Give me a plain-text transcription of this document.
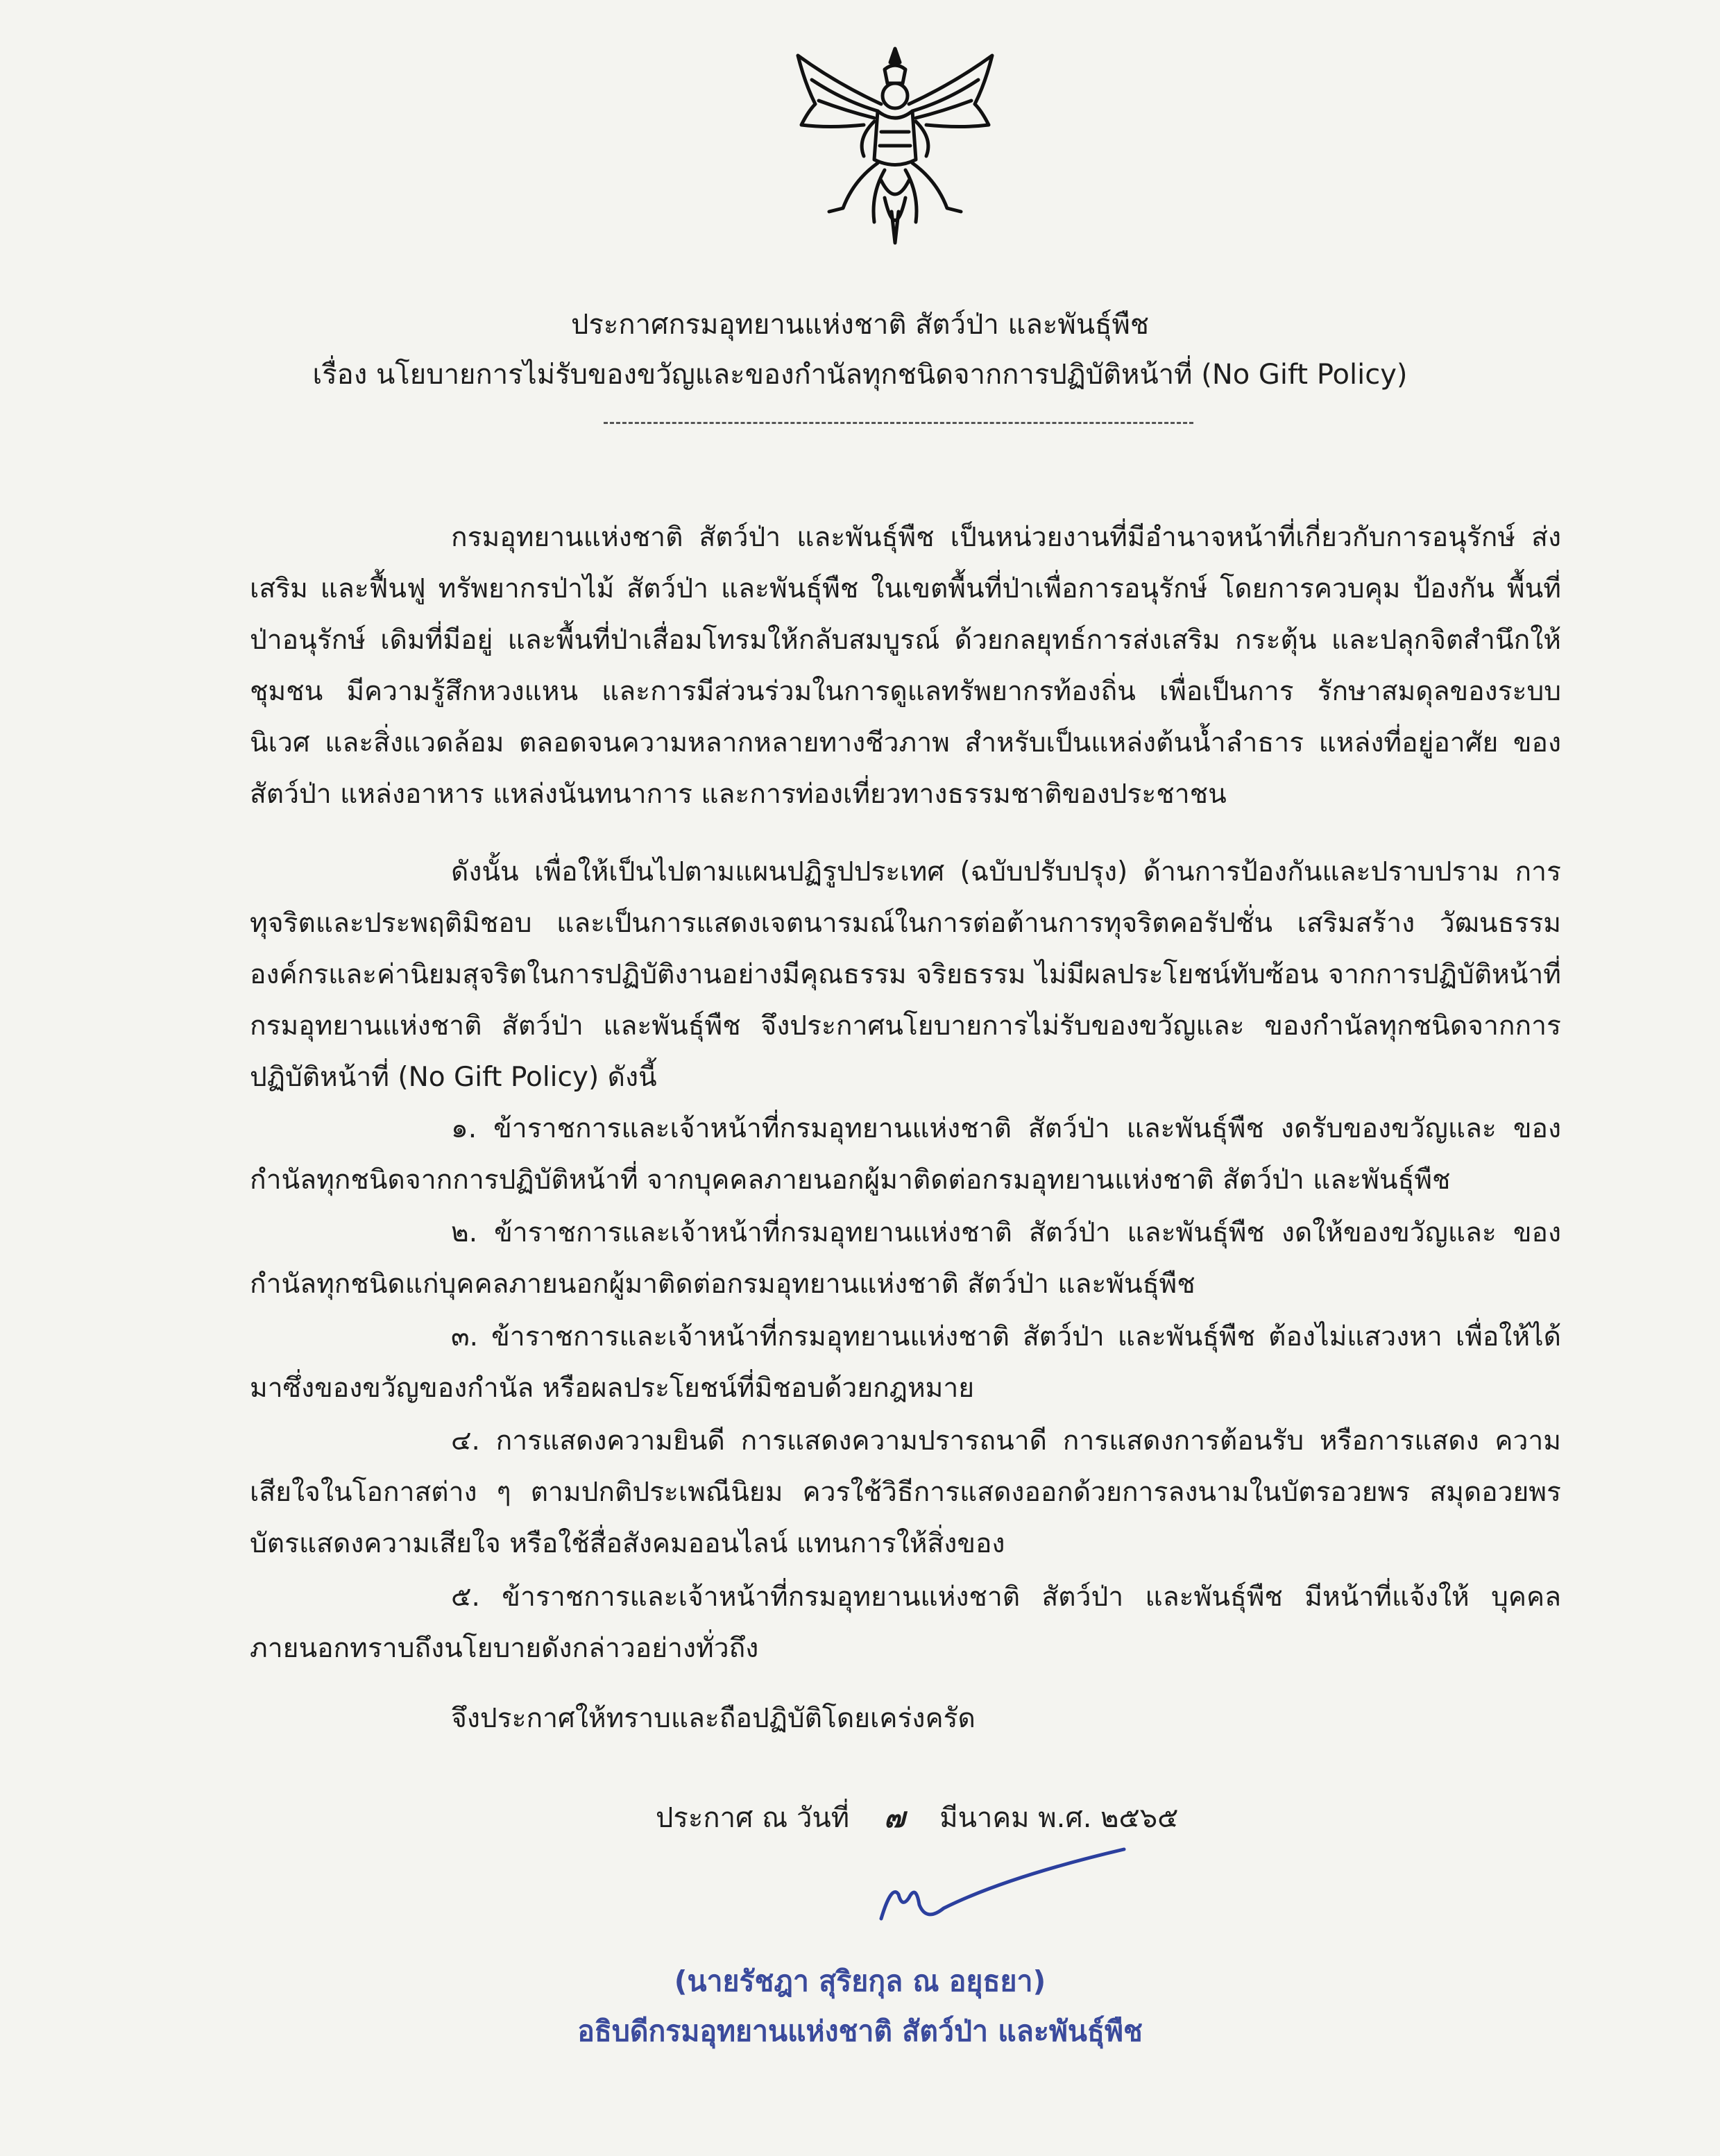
ประกาศกรมอุทยานแห่งชาติ สัตว์ป่า และพันธุ์พืช
เรื่อง นโยบายการไม่รับของขวัญและของกำนัลทุกชนิดจากการปฏิบัติหน้าที่ (No Gift Policy)
กรมอุทยานแห่งชาติ สัตว์ป่า และพันธุ์พืช เป็นหน่วยงานที่มีอำนาจหน้าที่เกี่ยวกับการอนุรักษ์ ส่งเสริม และฟื้นฟู ทรัพยากรป่าไม้ สัตว์ป่า และพันธุ์พืช ในเขตพื้นที่ป่าเพื่อการอนุรักษ์ โดยการควบคุม ป้องกัน พื้นที่ป่าอนุรักษ์ เดิมที่มีอยู่ และพื้นที่ป่าเสื่อมโทรมให้กลับสมบูรณ์ ด้วยกลยุทธ์การส่งเสริม กระตุ้น และปลุกจิตสำนึกให้ชุมชน มีความรู้สึกหวงแหน และการมีส่วนร่วมในการดูแลทรัพยากรท้องถิ่น เพื่อเป็นการ รักษาสมดุลของระบบนิเวศ และสิ่งแวดล้อม ตลอดจนความหลากหลายทางชีวภาพ สำหรับเป็นแหล่งต้นน้ำลำธาร แหล่งที่อยู่อาศัย ของสัตว์ป่า แหล่งอาหาร แหล่งนันทนาการ และการท่องเที่ยวทางธรรมชาติของประชาชน
ดังนั้น เพื่อให้เป็นไปตามแผนปฏิรูปประเทศ (ฉบับปรับปรุง) ด้านการป้องกันและปราบปราม การทุจริตและประพฤติมิชอบ และเป็นการแสดงเจตนารมณ์ในการต่อต้านการทุจริตคอรัปชั่น เสริมสร้าง วัฒนธรรมองค์กรและค่านิยมสุจริตในการปฏิบัติงานอย่างมีคุณธรรม จริยธรรม ไม่มีผลประโยชน์ทับซ้อน จากการปฏิบัติหน้าที่ กรมอุทยานแห่งชาติ สัตว์ป่า และพันธุ์พืช จึงประกาศนโยบายการไม่รับของขวัญและ ของกำนัลทุกชนิดจากการปฏิบัติหน้าที่ (No Gift Policy) ดังนี้
๑. ข้าราชการและเจ้าหน้าที่กรมอุทยานแห่งชาติ สัตว์ป่า และพันธุ์พืช งดรับของขวัญและ ของกำนัลทุกชนิดจากการปฏิบัติหน้าที่ จากบุคคลภายนอกผู้มาติดต่อกรมอุทยานแห่งชาติ สัตว์ป่า และพันธุ์พืช
๒. ข้าราชการและเจ้าหน้าที่กรมอุทยานแห่งชาติ สัตว์ป่า และพันธุ์พืช งดให้ของขวัญและ ของกำนัลทุกชนิดแก่บุคคลภายนอกผู้มาติดต่อกรมอุทยานแห่งชาติ สัตว์ป่า และพันธุ์พืช
๓. ข้าราชการและเจ้าหน้าที่กรมอุทยานแห่งชาติ สัตว์ป่า และพันธุ์พืช ต้องไม่แสวงหา เพื่อให้ได้มาซึ่งของขวัญของกำนัล หรือผลประโยชน์ที่มิชอบด้วยกฎหมาย
๔. การแสดงความยินดี การแสดงความปรารถนาดี การแสดงการต้อนรับ หรือการแสดง ความเสียใจในโอกาสต่าง ๆ ตามปกติประเพณีนิยม ควรใช้วิธีการแสดงออกด้วยการลงนามในบัตรอวยพร สมุดอวยพร บัตรแสดงความเสียใจ หรือใช้สื่อสังคมออนไลน์ แทนการให้สิ่งของ
๕. ข้าราชการและเจ้าหน้าที่กรมอุทยานแห่งชาติ สัตว์ป่า และพันธุ์พืช มีหน้าที่แจ้งให้ บุคคลภายนอกทราบถึงนโยบายดังกล่าวอย่างทั่วถึง
จึงประกาศให้ทราบและถือปฏิบัติโดยเคร่งครัด
ประกาศ ณ วันที่ ๗ มีนาคม พ.ศ. ๒๕๖๕
(นายรัชฎา สุริยกุล ณ อยุธยา)
อธิบดีกรมอุทยานแห่งชาติ สัตว์ป่า และพันธุ์พืช
